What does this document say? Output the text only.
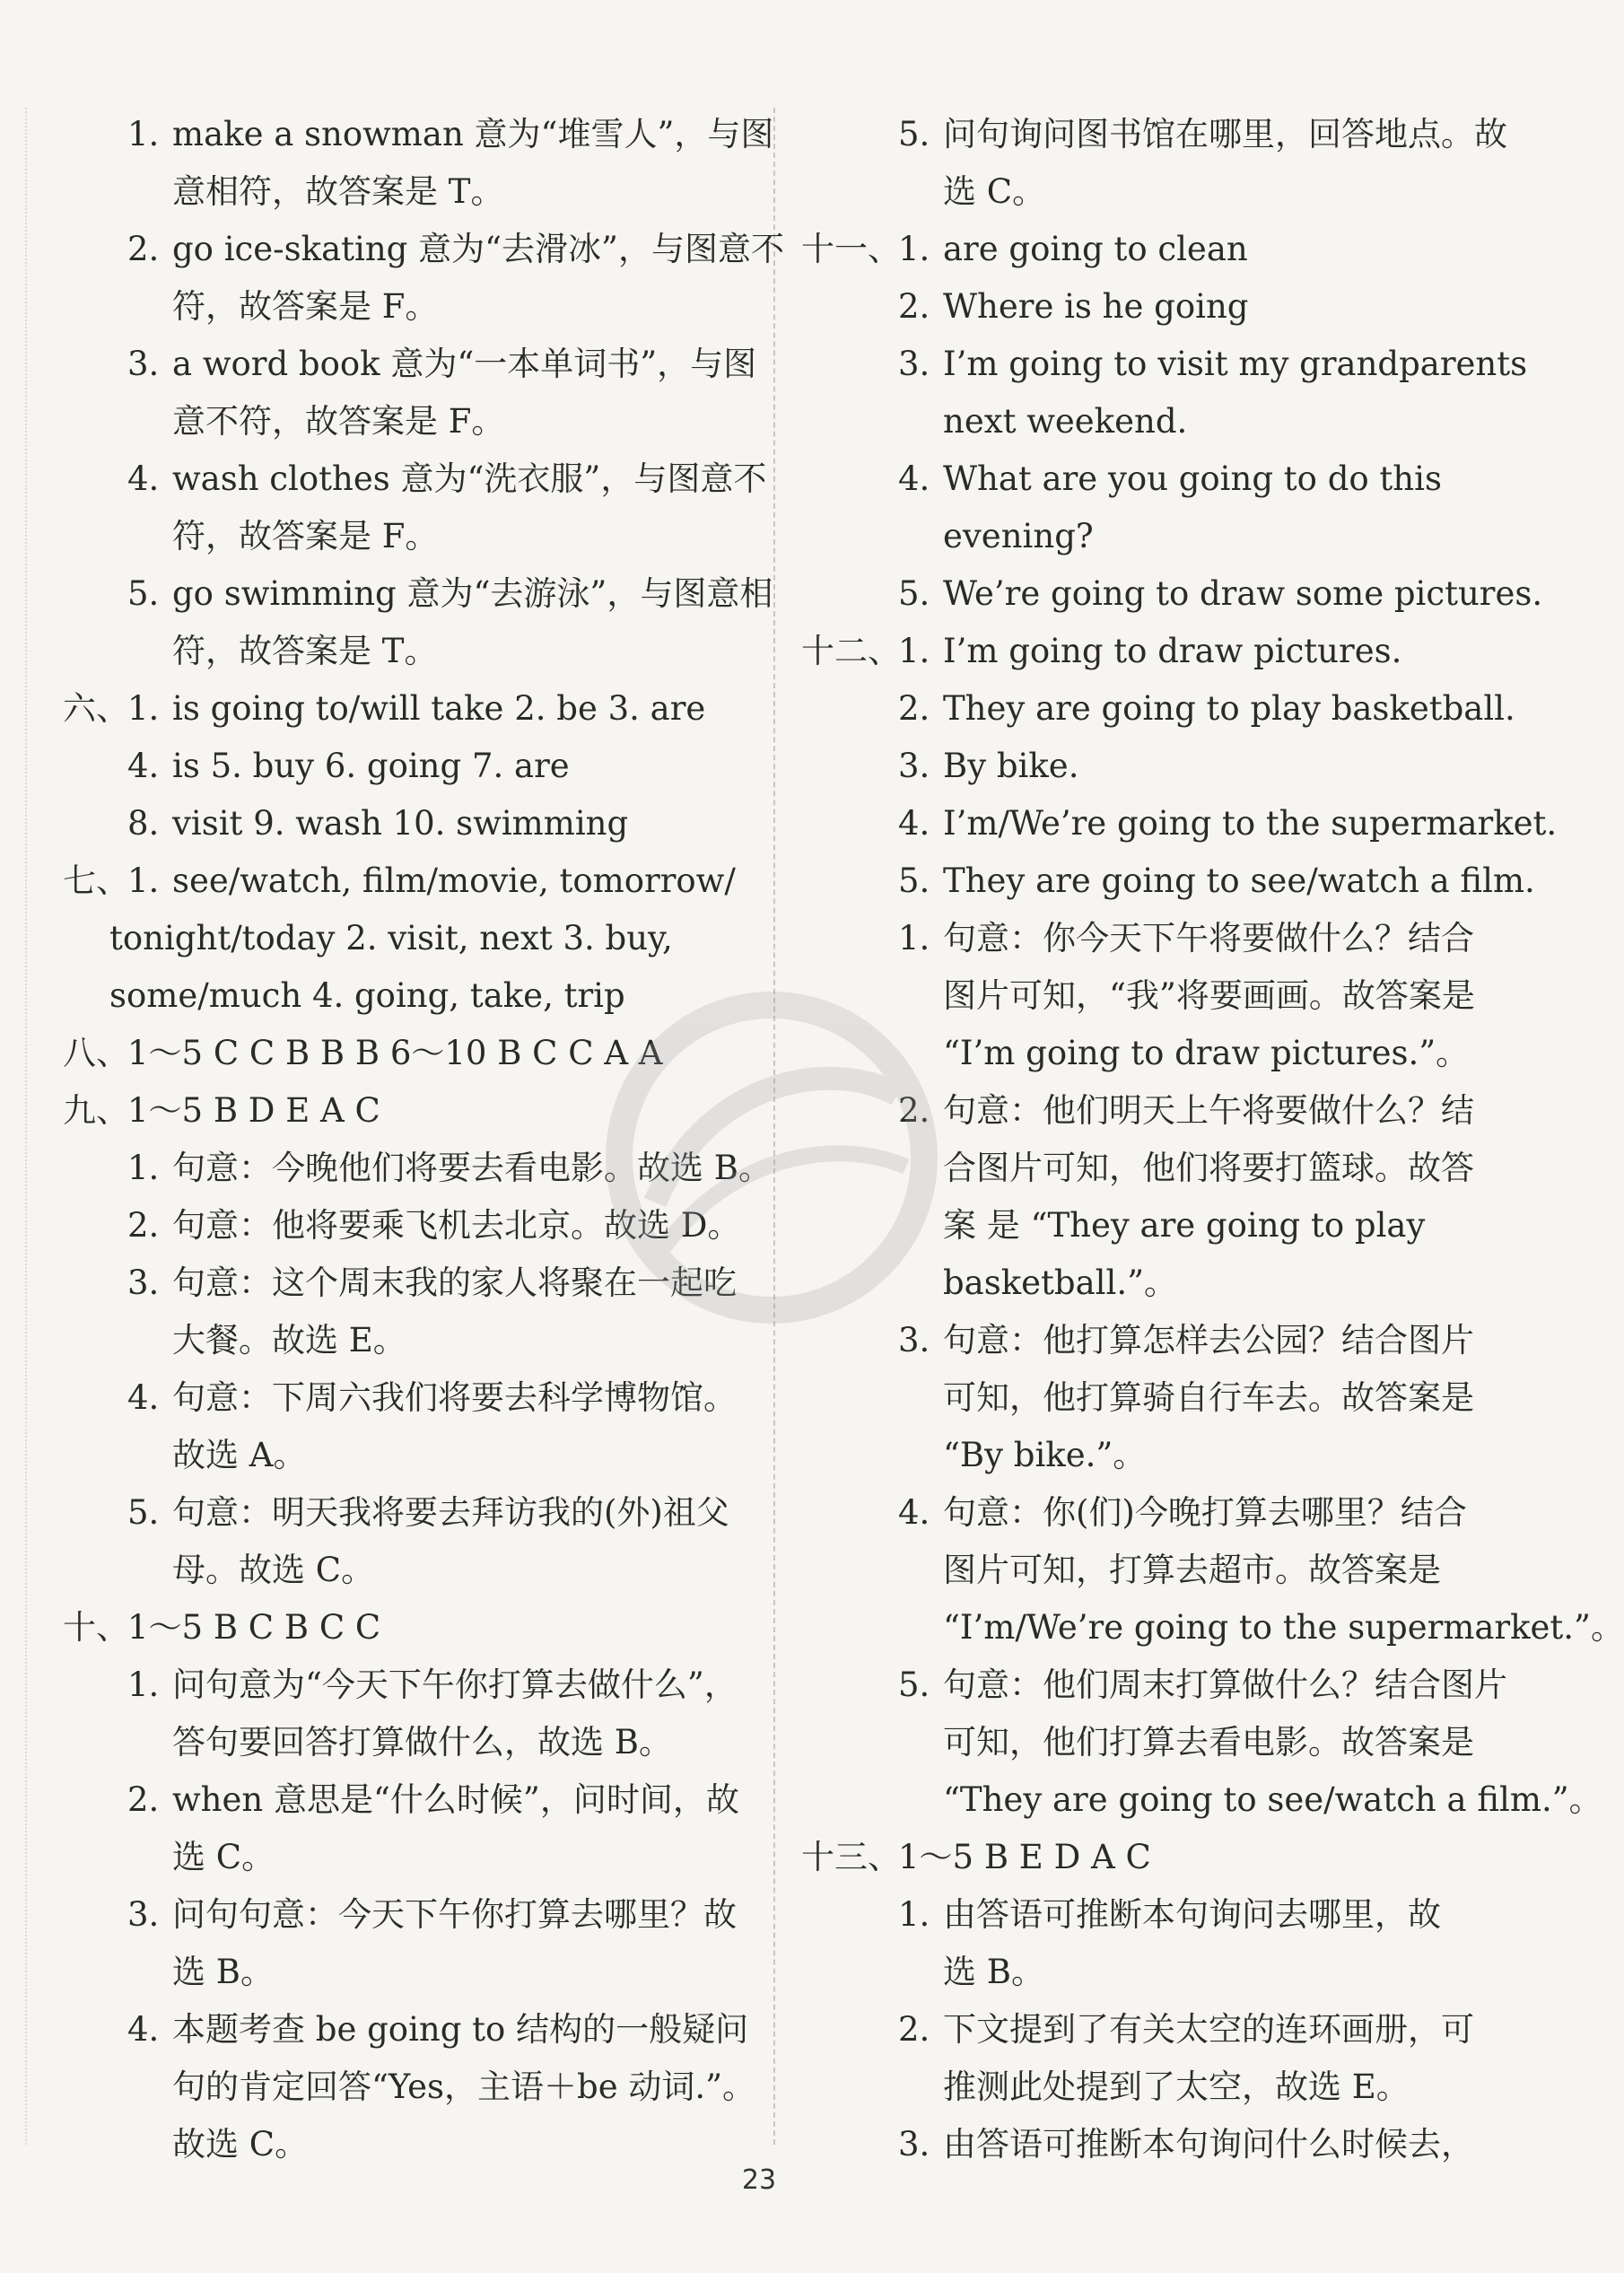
1. make a snowman 意为“堆雪人”，与图
意相符，故答案是 T。
2. go ice-skating 意为“去滑冰”，与图意不
符，故答案是 F。
3. a word book 意为“一本单词书”，与图
意不符，故答案是 F。
4. wash clothes 意为“洗衣服”，与图意不
符，故答案是 F。
5. go swimming 意为“去游泳”，与图意相
符，故答案是 T。
六、
1. is going to/will take 2. be 3. are
4. is 5. buy 6. going 7. are
8. visit 9. wash 10. swimming
七、
1. see/watch, film/movie, tomorrow/
tonight/today 2. visit, next 3. buy,
some/much 4. going, take, trip
八、
1～5 C C B B B 6～10 B C C A A
九、
1～5 B D E A C
1. 句意：今晚他们将要去看电影。故选 B。
2. 句意：他将要乘飞机去北京。故选 D。
3. 句意：这个周末我的家人将聚在一起吃
大餐。故选 E。
4. 句意：下周六我们将要去科学博物馆。
故选 A。
5. 句意：明天我将要去拜访我的(外)祖父
母。故选 C。
十、
1～5 B C B C C
1. 问句意为“今天下午你打算去做什么”，
答句要回答打算做什么，故选 B。
2. when 意思是“什么时候”，问时间，故
选 C。
3. 问句句意：今天下午你打算去哪里？故
选 B。
4. 本题考查 be going to 结构的一般疑问
句的肯定回答“Yes，主语＋be 动词.”。
故选 C。
5. 问句询问图书馆在哪里，回答地点。故
选 C。
十一、
1. are going to clean
2. Where is he going
3. I’m going to visit my grandparents
next weekend.
4. What are you going to do this
evening?
5. We’re going to draw some pictures.
十二、
1. I’m going to draw pictures.
2. They are going to play basketball.
3. By bike.
4. I’m/We’re going to the supermarket.
5. They are going to see/watch a film.
1. 句意：你今天下午将要做什么？结合
图片可知，“我”将要画画。故答案是
“I’m going to draw pictures.”。
2. 句意：他们明天上午将要做什么？结
合图片可知，他们将要打篮球。故答
案 是 “They are going to play
basketball.”。
3. 句意：他打算怎样去公园？结合图片
可知，他打算骑自行车去。故答案是
“By bike.”。
4. 句意：你(们)今晚打算去哪里？结合
图片可知，打算去超市。故答案是
“I’m/We’re going to the supermarket.”。
5. 句意：他们周末打算做什么？结合图片
可知，他们打算去看电影。故答案是
“They are going to see/watch a film.”。
十三、
1～5 B E D A C
1. 由答语可推断本句询问去哪里，故
选 B。
2. 下文提到了有关太空的连环画册，可
推测此处提到了太空，故选 E。
3. 由答语可推断本句询问什么时候去，
23
